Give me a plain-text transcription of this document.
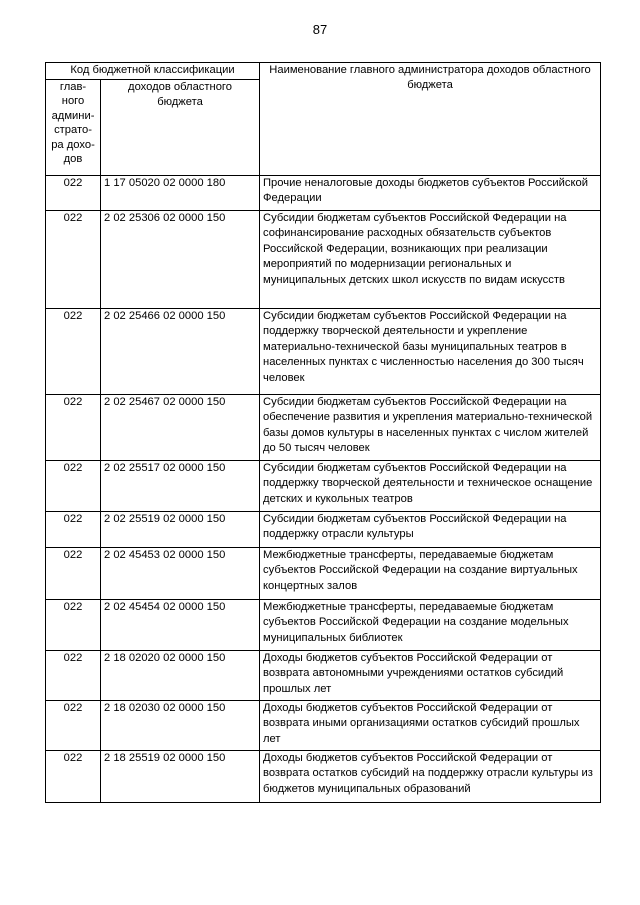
87
Код бюджетной классификации		Наименование главного администратора доходов областного бюджета
глав-ного админи-страто-ра дохо-дов	доходов областного бюджета	
022	1 17 05020 02 0000 180	Прочие неналоговые доходы бюджетов субъектов Российской Федерации
022	2 02 25306 02 0000 150	Субсидии бюджетам субъектов Российской Федерации на софинансирование расходных обязательств субъектов Российской Федерации, возникающих при реализации мероприятий по модернизации региональных и муниципальных детских школ искусств по видам искусств
022	2 02 25466 02 0000 150	Субсидии бюджетам субъектов Российской Федерации на поддержку творческой деятельности и укрепление материально-технической базы муниципальных театров в населенных пунктах с численностью населения до 300 тысяч человек
022	2 02 25467 02 0000 150	Субсидии бюджетам субъектов Российской Федерации на обеспечение развития и укрепления материально-технической базы домов культуры в населенных пунктах с числом жителей до 50 тысяч человек
022	2 02 25517 02 0000 150	Субсидии бюджетам субъектов Российской Федерации на поддержку творческой деятельности и техническое оснащение детских и кукольных театров
022	2 02 25519 02 0000 150	Субсидии бюджетам субъектов Российской Федерации на поддержку отрасли культуры
022	2 02 45453 02 0000 150	Межбюджетные трансферты, передаваемые бюджетам субъектов Российской Федерации на создание виртуальных концертных залов
022	2 02 45454 02 0000 150	Межбюджетные трансферты, передаваемые бюджетам субъектов Российской Федерации на создание модельных муниципальных библиотек
022	2 18 02020 02 0000 150	Доходы бюджетов субъектов Российской Федерации от возврата автономными учреждениями остатков субсидий прошлых лет
022	2 18 02030 02 0000 150	Доходы бюджетов субъектов Российской Федерации от возврата иными организациями остатков субсидий прошлых лет
022	2 18 25519 02 0000 150	Доходы бюджетов субъектов Российской Федерации от возврата остатков субсидий на поддержку отрасли культуры из бюджетов муниципальных образований
